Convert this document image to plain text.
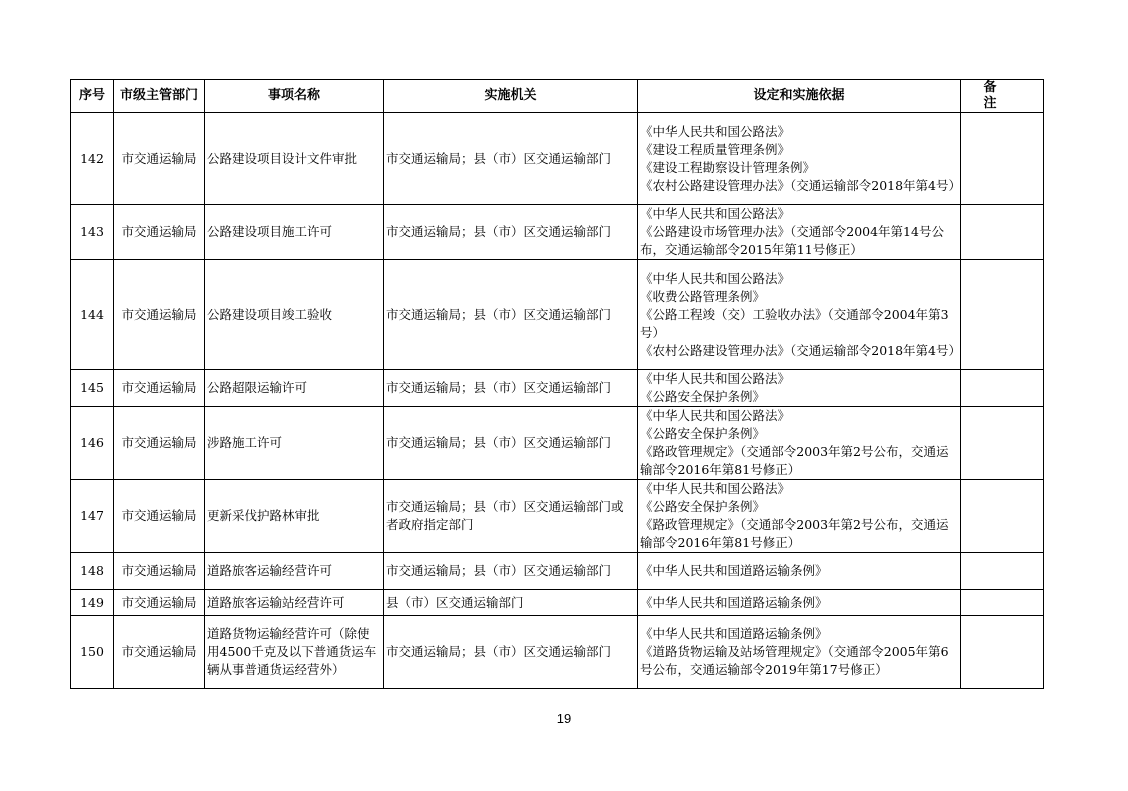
序号	市级主管部门	事项名称	实施机关	设定和实施依据	备 注
142	市交通运输局	公路建设项目设计文件审批	市交通运输局；县（市）区交通运输部门	《中华人民共和国公路法》
《建设工程质量管理条例》
《建设工程勘察设计管理条例》
《农村公路建设管理办法》（交通运输部令2018年第4号）	
143	市交通运输局	公路建设项目施工许可	市交通运输局；县（市）区交通运输部门	《中华人民共和国公路法》
《公路建设市场管理办法》（交通部令2004年第14号公布，交通运输部令2015年第11号修正）	
144	市交通运输局	公路建设项目竣工验收	市交通运输局；县（市）区交通运输部门	《中华人民共和国公路法》
《收费公路管理条例》
《公路工程竣（交）工验收办法》（交通部令2004年第3号）
《农村公路建设管理办法》（交通运输部令2018年第4号）	
145	市交通运输局	公路超限运输许可	市交通运输局；县（市）区交通运输部门	《中华人民共和国公路法》
《公路安全保护条例》	
146	市交通运输局	涉路施工许可	市交通运输局；县（市）区交通运输部门	《中华人民共和国公路法》
《公路安全保护条例》
《路政管理规定》（交通部令2003年第2号公布，交通运输部令2016年第81号修正）	
147	市交通运输局	更新采伐护路林审批	市交通运输局；县（市）区交通运输部门或者政府指定部门	《中华人民共和国公路法》
《公路安全保护条例》
《路政管理规定》（交通部令2003年第2号公布，交通运输部令2016年第81号修正）	
148	市交通运输局	道路旅客运输经营许可	市交通运输局；县（市）区交通运输部门	《中华人民共和国道路运输条例》	
149	市交通运输局	道路旅客运输站经营许可	县（市）区交通运输部门	《中华人民共和国道路运输条例》	
150	市交通运输局	道路货物运输经营许可（除使用4500千克及以下普通货运车辆从事普通货运经营外）	市交通运输局；县（市）区交通运输部门	《中华人民共和国道路运输条例》
《道路货物运输及站场管理规定》（交通部令2005年第6号公布，交通运输部令2019年第17号修正）	
19
